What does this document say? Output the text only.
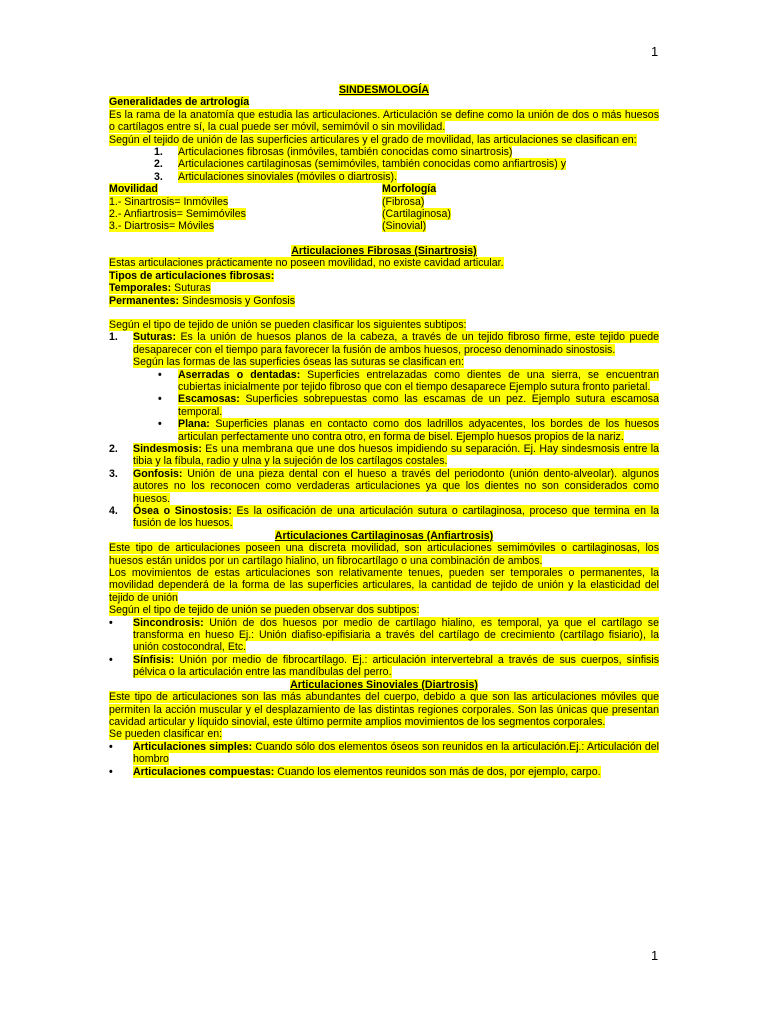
1
1
SINDESMOLOGÍA
Generalidades de artrología
Es la rama de la anatomía que estudia las articulaciones. Articulación se define como la unión de dos o más huesos o cartílagos entre sí, la cual puede ser móvil, semimóvil o sin movilidad.
Según el tejido de unión de las superficies articulares y el grado de movilidad, las articulaciones se clasifican en:
1. Articulaciones fibrosas (inmóviles, también conocidas como sinartrosis)
2. Articulaciones cartilaginosas (semimóviles, también conocidas como anfiartrosis) y
3. Articulaciones sinoviales (móviles o diartrosis).
Movilidad	Morfología
1.- Sinartrosis= Inmóviles	(Fibrosa)
2.- Anfiartrosis= Semimóviles	(Cartilaginosa)
3.- Diartrosis= Móviles	(Sinovial)
Articulaciones Fibrosas (Sinartrosis)
Estas articulaciones prácticamente no poseen movilidad, no existe cavidad articular.
Tipos de articulaciones fibrosas:
Temporales: Suturas
Permanentes: Sindesmosis y Gonfosis
Según el tipo de tejido de unión se pueden clasificar los siguientes subtipos:
1. Suturas: Es la unión de huesos planos de la cabeza, a través de un tejido fibroso firme, este tejido puede desaparecer con el tiempo para favorecer la fusión de ambos huesos, proceso denominado sinostosis.
Según las formas de las superficies óseas las suturas se clasifican en:
• Aserradas o dentadas: Superficies entrelazadas como dientes de una sierra, se encuentran cubiertas inicialmente por tejido fibroso que con el tiempo desaparece Ejemplo sutura fronto parietal.
• Escamosas: Superficies sobrepuestas como las escamas de un pez. Ejemplo sutura escamosa temporal.
• Plana: Superficies planas en contacto como dos ladrillos adyacentes, los bordes de los huesos articulan perfectamente uno contra otro, en forma de bisel. Ejemplo huesos propios de la nariz.
2. Sindesmosis: Es una membrana que une dos huesos impidiendo su separación. Ej. Hay sindesmosis entre la tibia y la fíbula, radio y ulna y la sujeción de los cartílagos costales.
3. Gonfosis: Unión de una pieza dental con el hueso a través del periodonto (unión dento-alveolar). algunos autores no los reconocen como verdaderas articulaciones ya que los dientes no son considerados como huesos.
4. Ósea o Sinostosis: Es la osificación de una articulación sutura o cartilaginosa, proceso que termina en la fusión de los huesos.
Articulaciones Cartilaginosas (Anfiartrosis)
Este tipo de articulaciones poseen una discreta movilidad, son articulaciones semimóviles o cartilaginosas, los huesos están unidos por un cartílago hialino, un fibrocartílago o una combinación de ambos.
Los movimientos de estas articulaciones son relativamente tenues, pueden ser temporales o permanentes, la movilidad dependerá de la forma de las superficies articulares, la cantidad de tejido de unión y la elasticidad del tejido de unión
Según el tipo de tejido de unión se pueden observar dos subtipos:
• Sincondrosis: Unión de dos huesos por medio de cartílago hialino, es temporal, ya que el cartílago se transforma en hueso Ej.: Unión diafiso-epifisiaria a través del cartílago de crecimiento (cartílago fisiario), la unión costocondral, Etc.
• Sínfisis: Unión por medio de fibrocartílago. Ej.: articulación intervertebral a través de sus cuerpos, sínfisis pélvica o la articulación entre las mandíbulas del perro.
Articulaciones Sinoviales (Diartrosis)
Este tipo de articulaciones son las más abundantes del cuerpo, debido a que son las articulaciones móviles que permiten la acción muscular y el desplazamiento de las distintas regiones corporales. Son las únicas que presentan cavidad articular y líquido sinovial, este último permite amplios movimientos de los segmentos corporales.
Se pueden clasificar en:
• Articulaciones simples: Cuando sólo dos elementos óseos son reunidos en la articulación.Ej.: Articulación del hombro
• Articulaciones compuestas: Cuando los elementos reunidos son más de dos, por ejemplo, carpo.
